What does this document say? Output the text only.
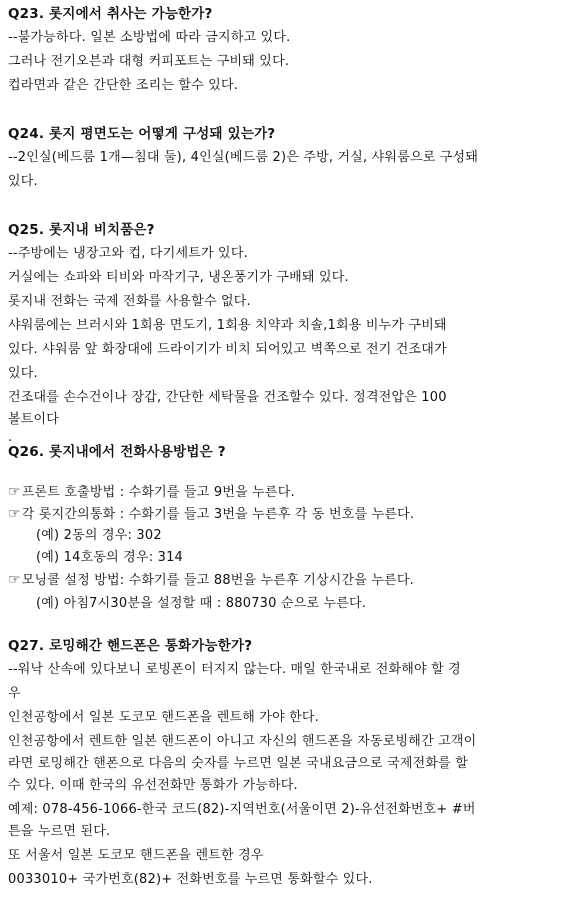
Q23. 롯지에서 취사는 가능한가?
--불가능하다. 일본 소방법에 따라 금지하고 있다.
그러나 전기오븐과 대형 커피포트는 구비돼 있다.
컵라면과 같은 간단한 조리는 할수 있다.
Q24. 롯지 평면도는 어떻게 구성돼 있는가?
--2인실(베드룸 1개—침대 둘), 4인실(베드룸 2)은 주방, 거실, 샤워룸으로 구성돼
있다.
Q25. 롯지내 비치품은?
--주방에는 냉장고와 컵, 다기세트가 있다.
거실에는 쇼파와 티비와 마작기구, 냉온풍기가 구배돼 있다.
롯지내 전화는 국제 전화를 사용할수 없다.
샤워룸에는 브러시와 1회용 면도기, 1회용 치약과 치솔,1회용 비누가 구비돼
있다. 샤워룸 앞 화장대에 드라이기가 비치 되어있고 벽쪽으로 전기 건조대가
있다.
건조대를 손수건이나 장갑, 간단한 세탁물을 건조할수 있다. 정격전압은 100
볼트이다
.
Q26. 롯지내에서 전화사용방법은 ?
☞프론트 호출방법 : 수화기를 들고 9번을 누른다.
☞각 롯지간의통화 : 수화기를 들고 3번을 누른후 각 동 번호를 누른다.
(예) 2동의 경우: 302
(예) 14호동의 경우: 314
☞모닝콜 설정 방법: 수화기를 들고 88번을 누른후 기상시간을 누른다.
(예) 아침7시30분을 설정할 때 : 880730 순으로 누른다.
Q27. 로밍해간 핸드폰은 통화가능한가?
--워낙 산속에 있다보니 로빙폰이 터지지 않는다. 매일 한국내로 전화해야 할 경
우
인천공항에서 일본 도코모 핸드폰을 렌트해 가야 한다.
인천공항에서 렌트한 일본 핸드폰이 아니고 자신의 핸드폰을 자동로빙해간 고객이
라면 로밍해간 핸폰으로 다음의 숫자를 누르면 일본 국내요금으로 국제전화를 할
수 있다. 이때 한국의 유선전화만 통화가 가능하다.
예제: 078-456-1066-한국 코드(82)-지역번호(서울이면 2)-유선전화번호+ #버
튼을 누르면 된다.
또 서울서 일본 도코모 핸드폰을 렌트한 경우
0033010+ 국가번호(82)+ 전화번호를 누르면 통화할수 있다.
